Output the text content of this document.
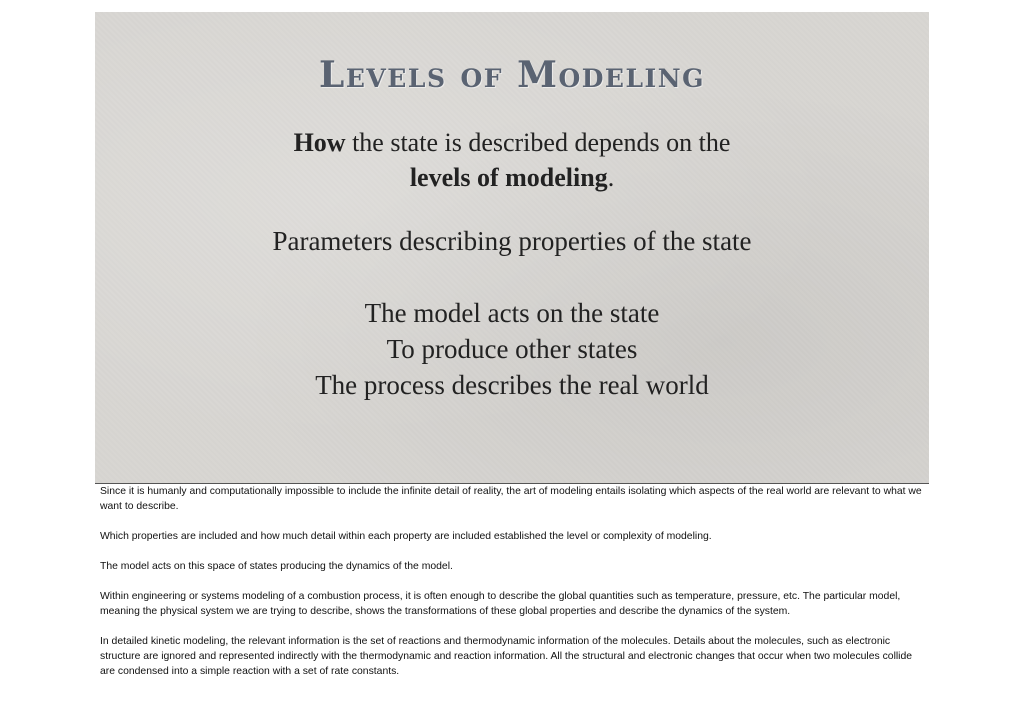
Levels of Modeling

How the state is described depends on the

levels of modeling.

Parameters describing properties of the state

The model acts on the state

To produce other states

The process describes the real world

Since it is humanly and computationally impossible to include the infinite detail of reality, the art of modeling entails isolating which aspects of the real world are relevant to what we want to describe.

Which properties are included and how much detail within each property are included established the level or complexity of modeling.

The model acts on this space of states producing the dynamics of the model.

Within engineering or systems modeling of a combustion process, it is often enough to describe the global quantities such as temperature, pressure, etc. The particular model, meaning the physical system we are trying to describe, shows the transformations of these global properties and describe the dynamics of the system.

In detailed kinetic modeling, the relevant information is the set of reactions and thermodynamic information of the molecules. Details about the molecules, such as electronic structure are ignored and represented indirectly with the thermodynamic and reaction information. All the structural and electronic changes that occur when two molecules collide are condensed into a simple reaction with a set of rate constants.
